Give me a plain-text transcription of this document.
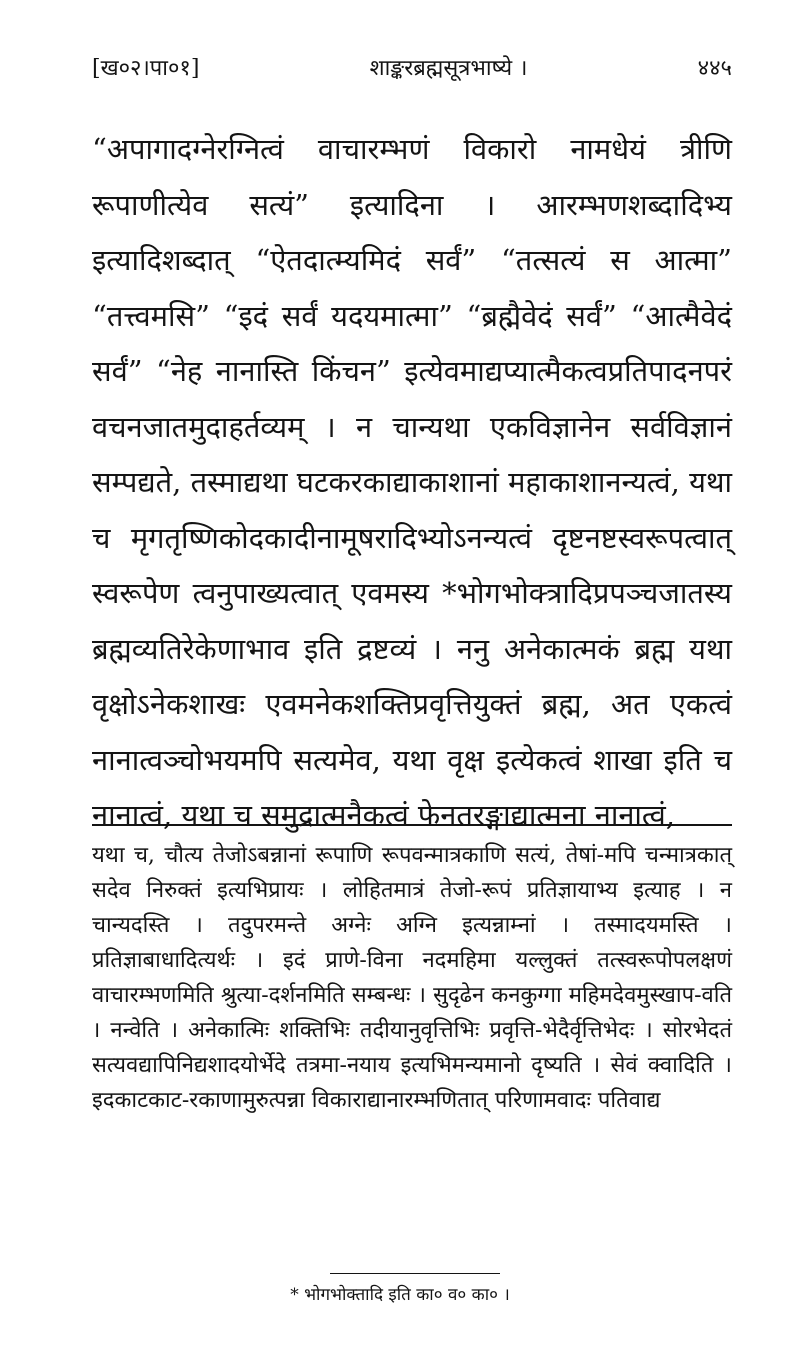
[ख०२।पा०१]	शाङ्करब्रह्मसूत्रभाष्ये ।	४४५

“अपागादग्नेरग्नित्वं वाचारम्भणं विकारो नामधेयं त्रीणि रूपाणीत्येव सत्यं” इत्यादिना । आरम्भणशब्दादिभ्य इत्यादिशब्दात् “ऐतदात्म्यमिदं सर्वं” “तत्सत्यं स आत्मा” “तत्त्वमसि” “इदं सर्वं यदयमात्मा” “ब्रह्मैवेदं सर्वं” “आत्मैवेदं सर्वं” “नेह नानास्ति किंचन” इत्येवमाद्यप्यात्मैकत्वप्रतिपादनपरं वचनजातमुदाहर्तव्यम् । न चान्यथा एकविज्ञानेन सर्वविज्ञानं सम्पद्यते, तस्माद्यथा घटकरकाद्याकाशानां महाकाशानन्यत्वं, यथा च मृगतृष्णिकोदकादीनामूषरादिभ्योऽनन्यत्वं दृष्टनष्टस्वरूपत्वात् स्वरूपेण त्वनुपाख्यत्वात् एवमस्य *भोगभोक्त्रादिप्रपञ्चजातस्य ब्रह्मव्यतिरेकेणाभाव इति द्रष्टव्यं । ननु अनेकात्मकं ब्रह्म यथा वृक्षोऽनेकशाखः एवमनेकशक्तिप्रवृत्तियुक्तं ब्रह्म, अत एकत्वं नानात्वञ्चोभयमपि सत्यमेव, यथा वृक्ष इत्येकत्वं शाखा इति च नानात्वं, यथा च समुद्रात्मनैकत्वं फेनतरङ्गाद्यात्मना नानात्वं,

यथा च, चौत्य तेजोऽबन्नानां रूपाणि रूपवन्मात्रकाणि सत्यं, तेषां-मपि चन्मात्रकात् सदेव निरुक्तं इत्यभिप्रायः । लोहितमात्रं तेजो-रूपं प्रतिज्ञायाभ्य इत्याह । न चान्यदस्ति । तदुपरमन्ते अग्नेः अग्नि इत्यन्नाम्नां । तस्मादयमस्ति । प्रतिज्ञाबाधादित्यर्थः । इदं प्राणे-विना नदमहिमा यल्लुक्तं तत्स्वरूपोपलक्षणं वाचारम्भणमिति श्रुत्या-दर्शनमिति सम्बन्धः । सुदृढेन कनकुग्गा महिमदेवमुस्खाप-वति । नन्वेति । अनेकात्मिः शक्तिभिः तदीयानुवृत्तिभिः प्रवृत्ति-भेदैर्वृत्तिभेदः । सोरभेदतं सत्यवद्यापिनिद्यशादयोर्भेदे तत्रमा-नयाय इत्यभिमन्यमानो दृष्यति । सेवं क्वादिति । इदकाटकाट-रकाणामुरुत्पन्ना विकाराद्यानारम्भणितात् परिणामवादः पतिवाद्य

* भोगभोक्तादि इति का० व० का० ।
